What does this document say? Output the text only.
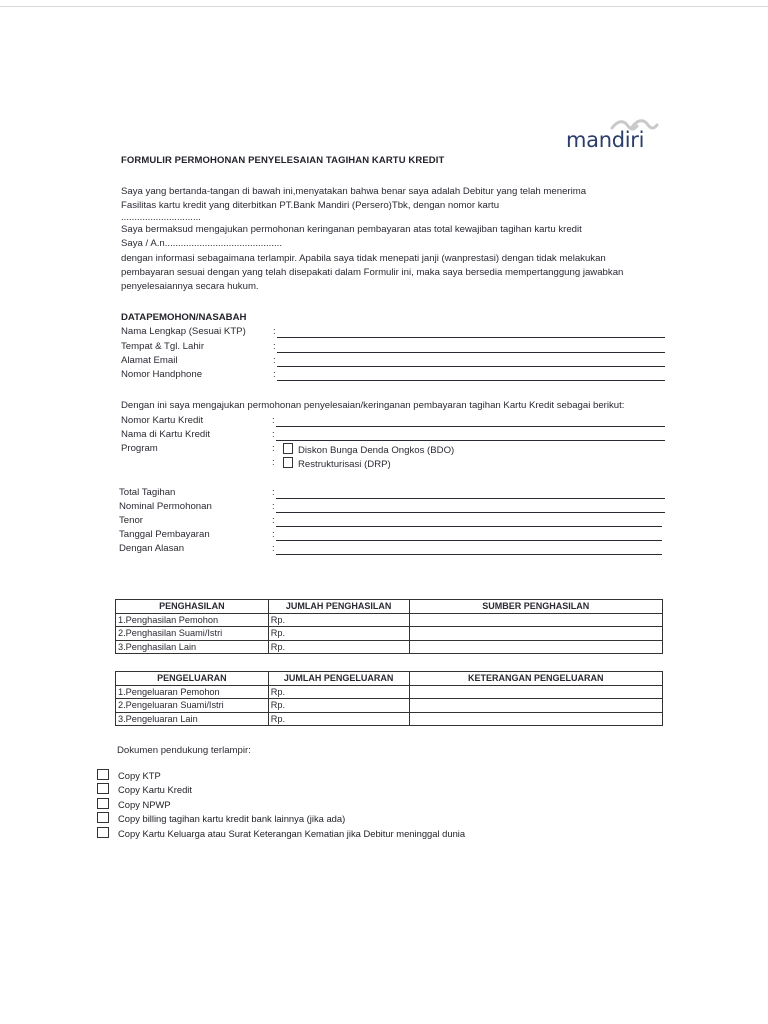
mandiri
FORMULIR PERMOHONAN PENYELESAIAN TAGIHAN KARTU KREDIT
Saya yang bertanda-tangan di bawah ini,menyatakan bahwa benar saya adalah Debitur yang telah menerima
Fasilitas kartu kredit yang diterbitkan PT.Bank Mandiri (Persero)Tbk, dengan nomor kartu
..............................
Saya bermaksud mengajukan permohonan keringanan pembayaran atas total kewajiban tagihan kartu kredit
Saya / A.n............................................
dengan informasi sebagaimana terlampir. Apabila saya tidak menepati janji (wanprestasi) dengan tidak melakukan
pembayaran sesuai dengan yang telah disepakati dalam Formulir ini, maka saya bersedia mempertanggung jawabkan
penyelesaiannya secara hukum.
DATAPEMOHON/NASABAH
Nama Lengkap (Sesuai KTP)	:
Tempat & Tgl. Lahir	:
Alamat Email	:
Nomor Handphone	:
Dengan ini saya mengajukan permohonan penyelesaian/keringanan pembayaran tagihan Kartu Kredit sebagai berikut:
Nomor Kartu Kredit	:
Nama di Kartu Kredit	:
Program	:	Diskon Bunga Denda Ongkos (BDO)
:	Restrukturisasi (DRP)
Total Tagihan	:
Nominal Permohonan	:
Tenor	:
Tanggal Pembayaran	:
Dengan Alasan	:
PENGHASILAN	JUMLAH PENGHASILAN	SUMBER PENGHASILAN
1.Penghasilan Pemohon	Rp.	
2.Penghasilan Suami/Istri	Rp.	
3.Penghasilan Lain	Rp.	
PENGELUARAN	JUMLAH PENGELUARAN	KETERANGAN PENGELUARAN
1.Pengeluaran Pemohon	Rp.	
2.Pengeluaran Suami/Istri	Rp.	
3.Pengeluaran Lain	Rp.	
Dokumen pendukung terlampir:
Copy KTP
Copy Kartu Kredit
Copy NPWP
Copy billing tagihan kartu kredit bank lainnya (jika ada)
Copy Kartu Keluarga atau Surat Keterangan Kematian jika Debitur meninggal dunia
